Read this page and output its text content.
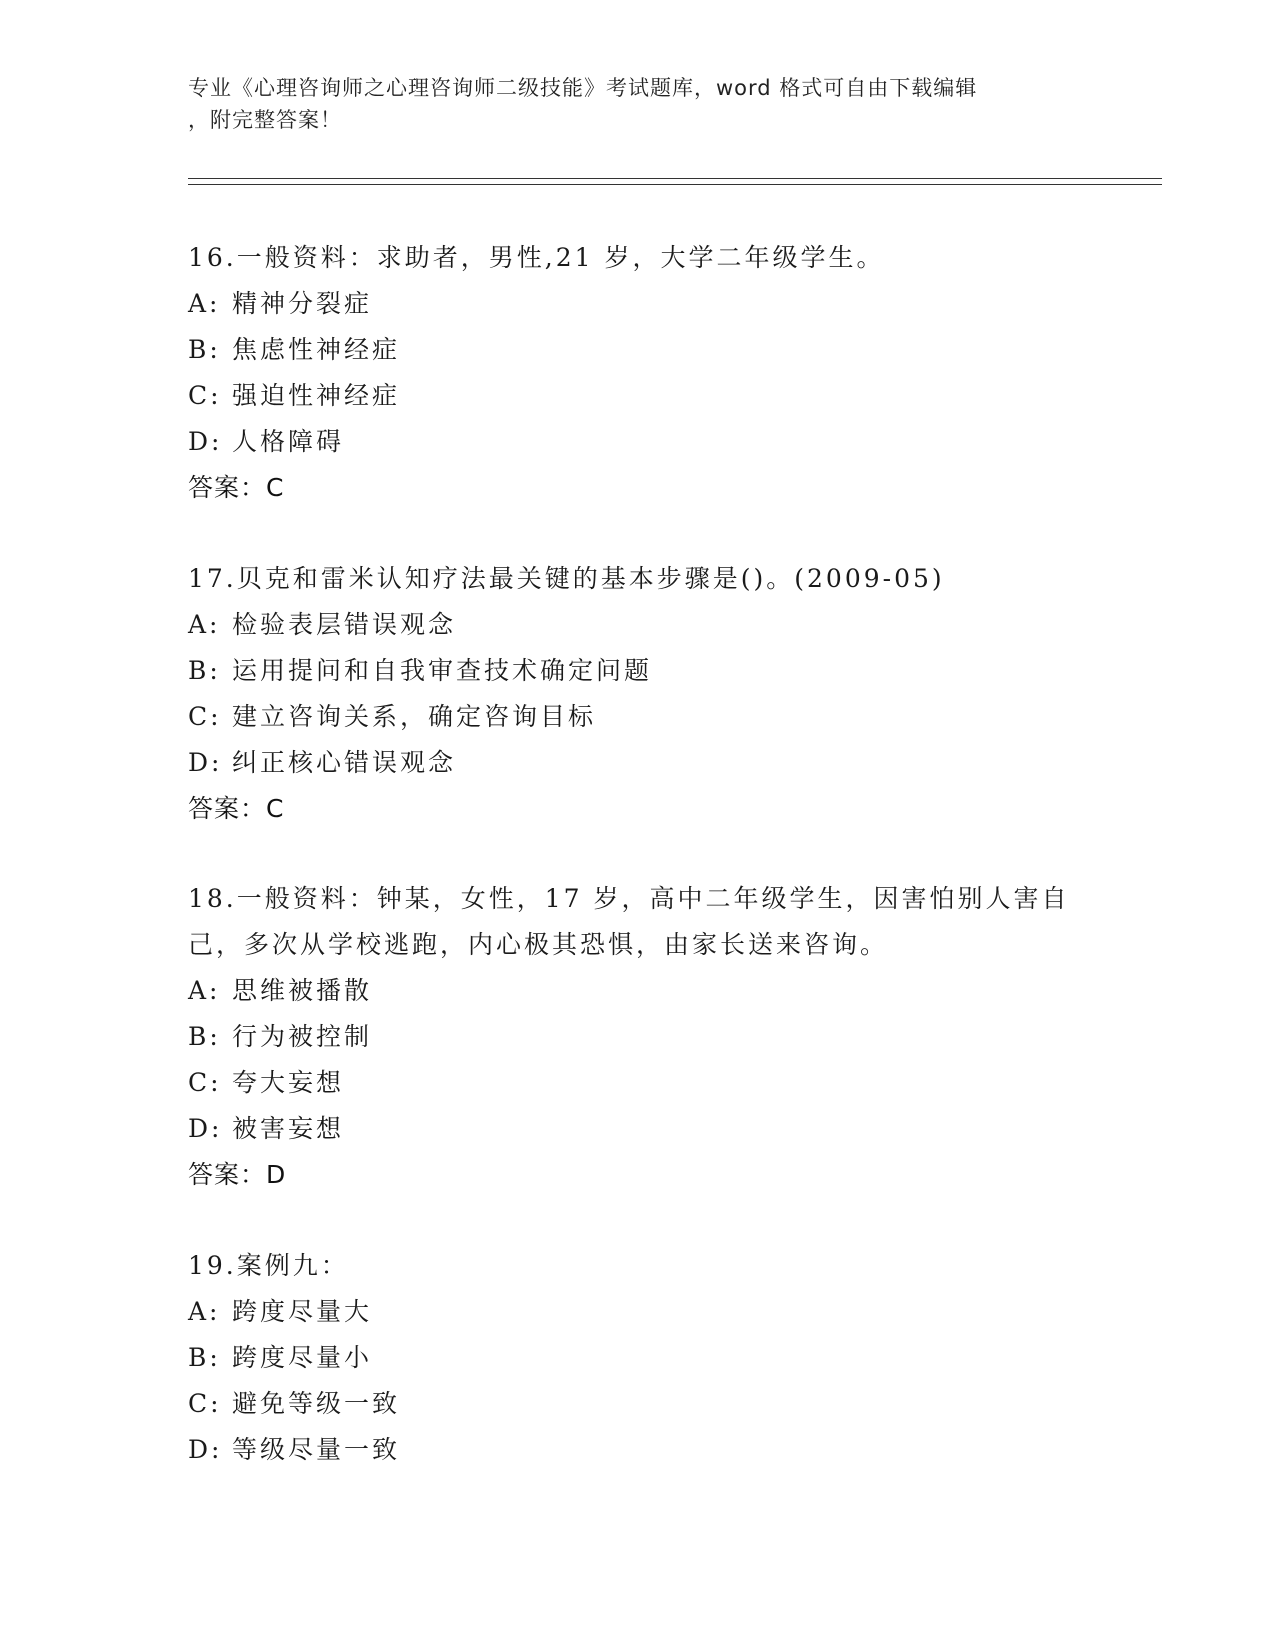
专业《心理咨询师之心理咨询师二级技能》考试题库，word 格式可自由下载编辑

，附完整答案！

16.一般资料：求助者，男性,21 岁，大学二年级学生。
A: 精神分裂症
B: 焦虑性神经症
C: 强迫性神经症
D: 人格障碍
答案：C
17.贝克和雷米认知疗法最关键的基本步骤是()。(2009-05)
A: 检验表层错误观念
B: 运用提问和自我审查技术确定问题
C: 建立咨询关系，确定咨询目标
D: 纠正核心错误观念
答案：C
18.一般资料：钟某，女性，17 岁，高中二年级学生，因害怕别人害自
己，多次从学校逃跑，内心极其恐惧，由家长送来咨询。
A: 思维被播散
B: 行为被控制
C: 夸大妄想
D: 被害妄想
答案：D
19.案例九：
A: 跨度尽量大
B: 跨度尽量小
C: 避免等级一致
D: 等级尽量一致
